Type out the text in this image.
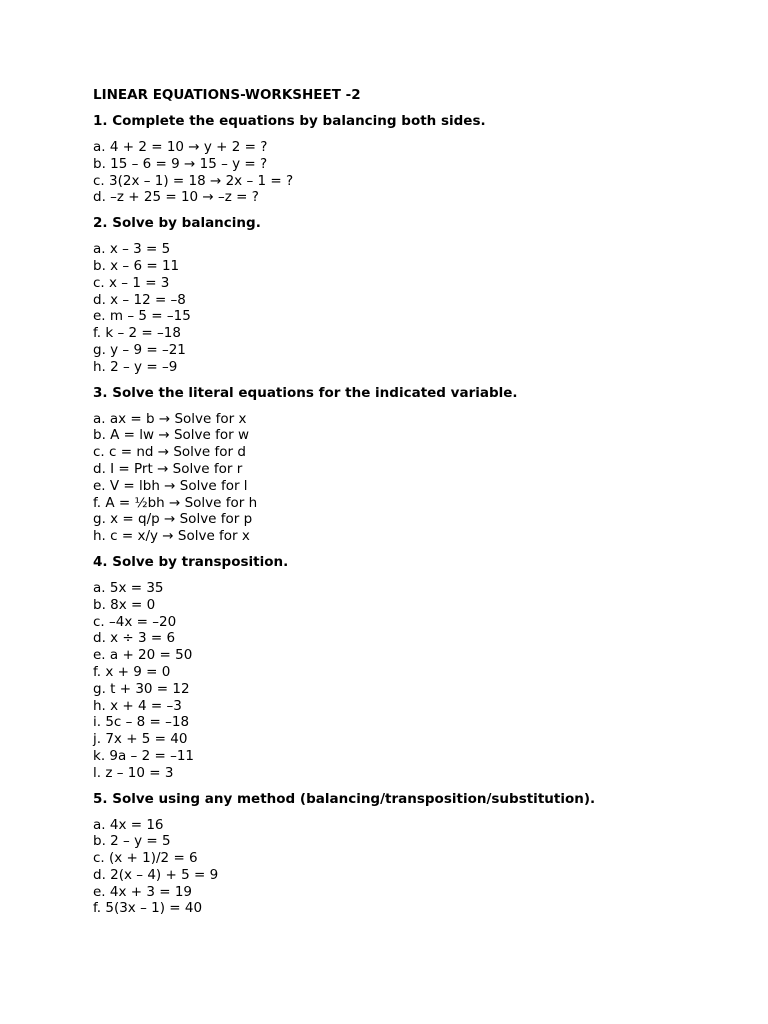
LINEAR EQUATIONS-WORKSHEET -2
1. Complete the equations by balancing both sides.
a. 4 + 2 = 10 → y + 2 = ?
b. 15 – 6 = 9 → 15 – y = ?
c. 3(2x – 1) = 18 → 2x – 1 = ?
d. –z + 25 = 10 → –z = ?
2. Solve by balancing.
a. x – 3 = 5
b. x – 6 = 11
c. x – 1 = 3
d. x – 12 = –8
e. m – 5 = –15
f. k – 2 = –18
g. y – 9 = –21
h. 2 – y = –9
3. Solve the literal equations for the indicated variable.
a. ax = b → Solve for x
b. A = lw → Solve for w
c. c = nd → Solve for d
d. I = Prt → Solve for r
e. V = lbh → Solve for l
f. A = ½bh → Solve for h
g. x = q/p → Solve for p
h. c = x/y → Solve for x
4. Solve by transposition.
a. 5x = 35
b. 8x = 0
c. –4x = –20
d. x ÷ 3 = 6
e. a + 20 = 50
f. x + 9 = 0
g. t + 30 = 12
h. x + 4 = –3
i. 5c – 8 = –18
j. 7x + 5 = 40
k. 9a – 2 = –11
l. z – 10 = 3
5. Solve using any method (balancing/transposition/substitution).
a. 4x = 16
b. 2 – y = 5
c. (x + 1)/2 = 6
d. 2(x – 4) + 5 = 9
e. 4x + 3 = 19
f. 5(3x – 1) = 40
